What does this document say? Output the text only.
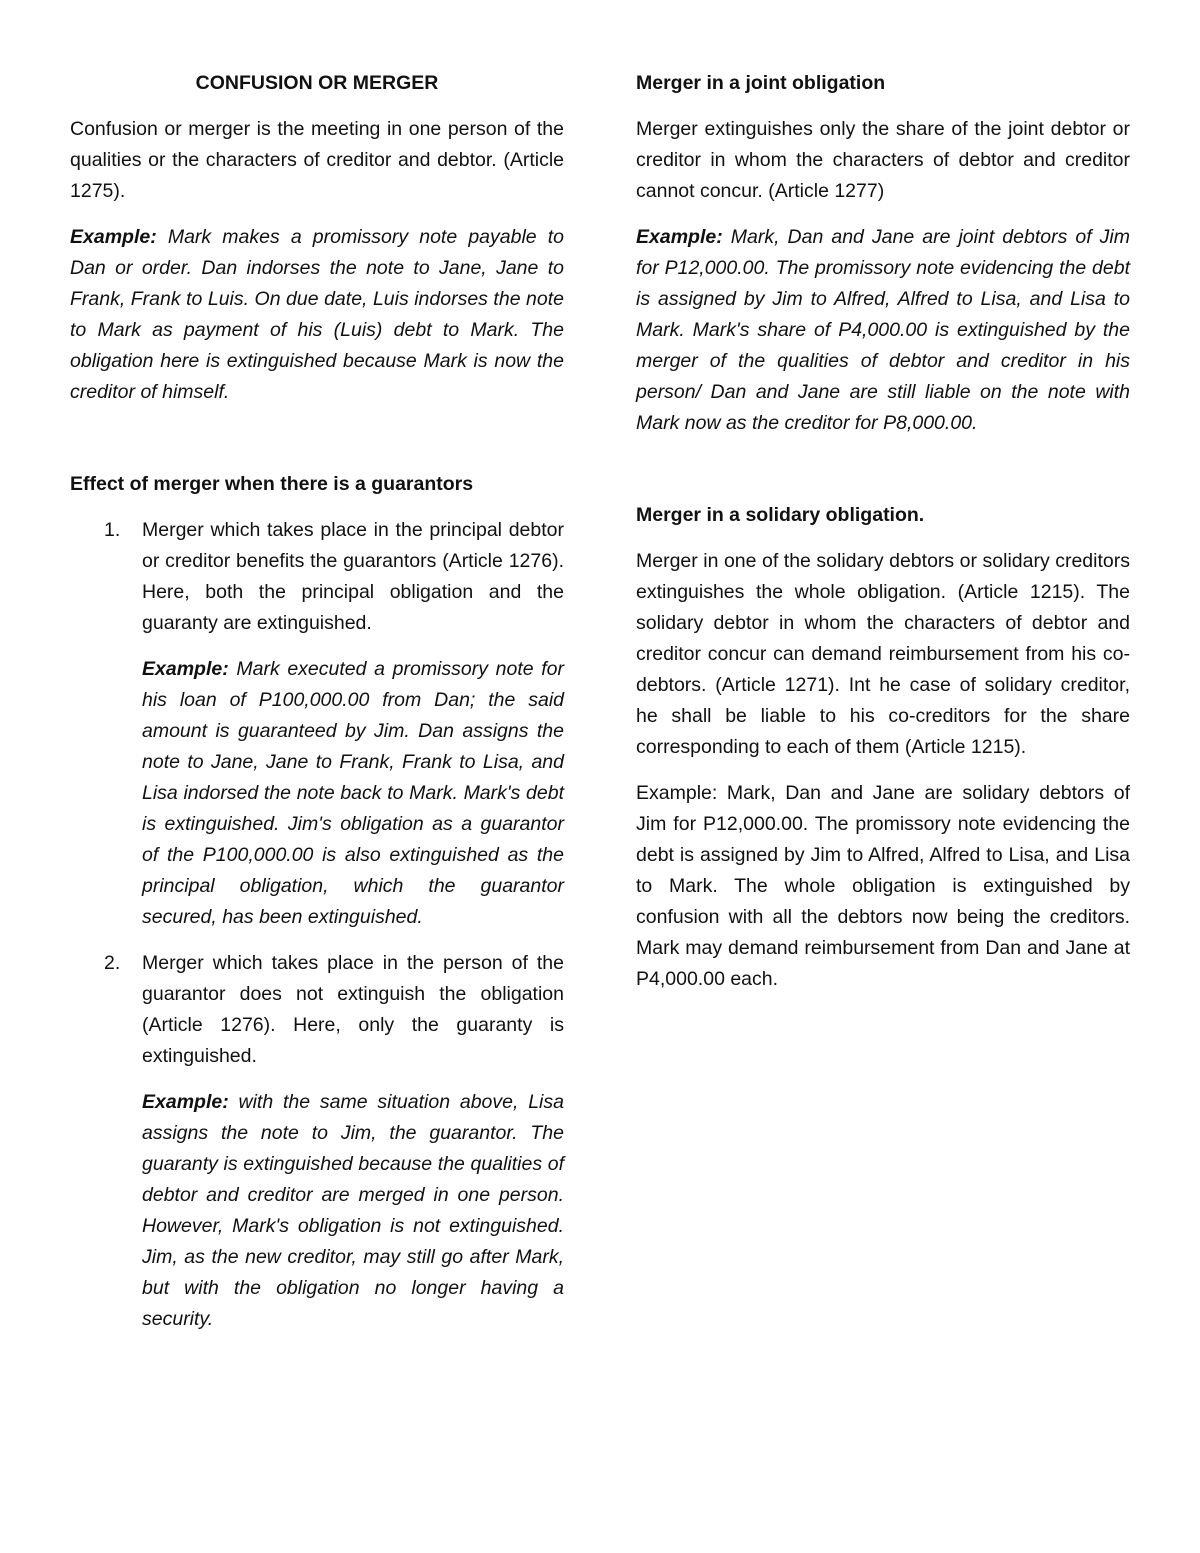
CONFUSION OR MERGER

Confusion or merger is the meeting in one person of the qualities or the characters of creditor and debtor. (Article 1275).

Example: Mark makes a promissory note payable to Dan or order. Dan indorses the note to Jane, Jane to Frank, Frank to Luis. On due date, Luis indorses the note to Mark as payment of his (Luis) debt to Mark. The obligation here is extinguished because Mark is now the creditor of himself.

Effect of merger when there is a guarantors
1. Merger which takes place in the principal debtor or creditor benefits the guarantors (Article 1276). Here, both the principal obligation and the guaranty are extinguished.

Example: Mark executed a promissory note for his loan of P100,000.00 from Dan; the said amount is guaranteed by Jim. Dan assigns the note to Jane, Jane to Frank, Frank to Lisa, and Lisa indorsed the note back to Mark. Mark's debt is extinguished. Jim's obligation as a guarantor of the P100,000.00 is also extinguished as the principal obligation, which the guarantor secured, has been extinguished.

2. Merger which takes place in the person of the guarantor does not extinguish the obligation (Article 1276). Here, only the guaranty is extinguished.

Example: with the same situation above, Lisa assigns the note to Jim, the guarantor. The guaranty is extinguished because the qualities of debtor and creditor are merged in one person. However, Mark's obligation is not extinguished. Jim, as the new creditor, may still go after Mark, but with the obligation no longer having a security.

Merger in a joint obligation

Merger extinguishes only the share of the joint debtor or creditor in whom the characters of debtor and creditor cannot concur. (Article 1277)

Example: Mark, Dan and Jane are joint debtors of Jim for P12,000.00. The promissory note evidencing the debt is assigned by Jim to Alfred, Alfred to Lisa, and Lisa to Mark. Mark's share of P4,000.00 is extinguished by the merger of the qualities of debtor and creditor in his person/ Dan and Jane are still liable on the note with Mark now as the creditor for P8,000.00.

Merger in a solidary obligation.

Merger in one of the solidary debtors or solidary creditors extinguishes the whole obligation. (Article 1215). The solidary debtor in whom the characters of debtor and creditor concur can demand reimbursement from his co-debtors. (Article 1271). Int he case of solidary creditor, he shall be liable to his co-creditors for the share corresponding to each of them (Article 1215).

Example: Mark, Dan and Jane are solidary debtors of Jim for P12,000.00. The promissory note evidencing the debt is assigned by Jim to Alfred, Alfred to Lisa, and Lisa to Mark. The whole obligation is extinguished by confusion with all the debtors now being the creditors. Mark may demand reimbursement from Dan and Jane at P4,000.00 each.
